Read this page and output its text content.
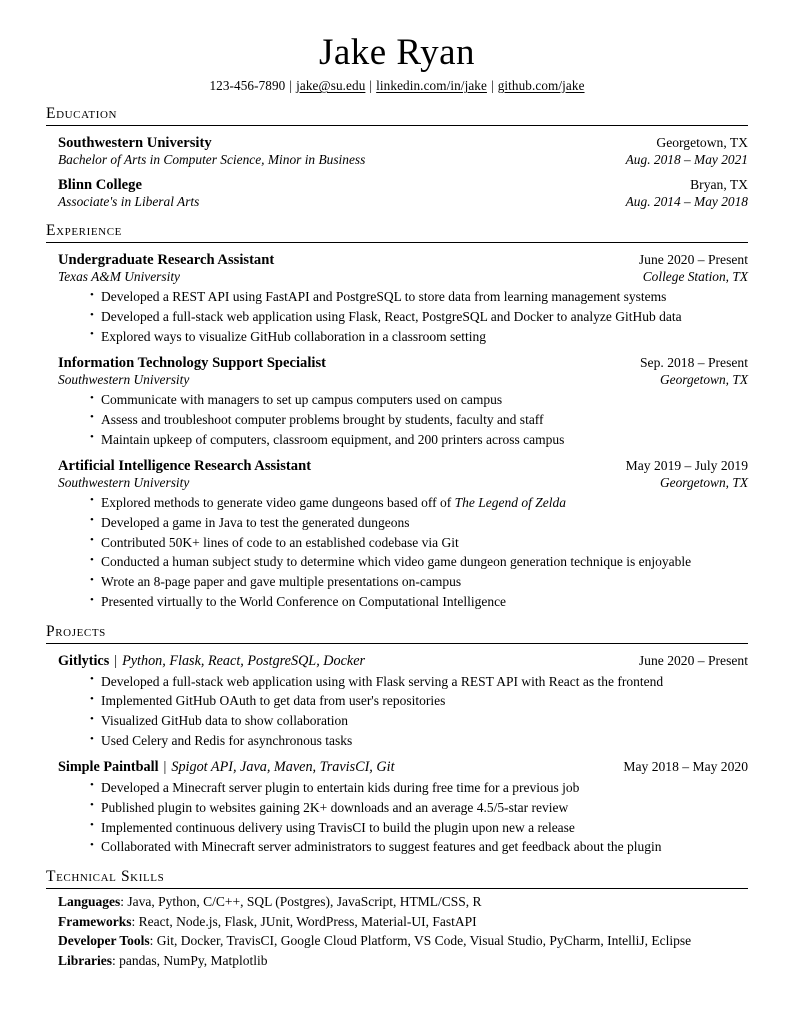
Jake Ryan
123-456-7890 | jake@su.edu | linkedin.com/in/jake | github.com/jake
Education
Southwestern University	Georgetown, TX
Bachelor of Arts in Computer Science, Minor in Business	Aug. 2018 – May 2021
Blinn College	Bryan, TX
Associate's in Liberal Arts	Aug. 2014 – May 2018
Experience
Undergraduate Research Assistant	June 2020 – Present
Texas A&M University	College Station, TX
• Developed a REST API using FastAPI and PostgreSQL to store data from learning management systems
• Developed a full-stack web application using Flask, React, PostgreSQL and Docker to analyze GitHub data
• Explored ways to visualize GitHub collaboration in a classroom setting
Information Technology Support Specialist	Sep. 2018 – Present
Southwestern University	Georgetown, TX
• Communicate with managers to set up campus computers used on campus
• Assess and troubleshoot computer problems brought by students, faculty and staff
• Maintain upkeep of computers, classroom equipment, and 200 printers across campus
Artificial Intelligence Research Assistant	May 2019 – July 2019
Southwestern University	Georgetown, TX
• Explored methods to generate video game dungeons based off of The Legend of Zelda
• Developed a game in Java to test the generated dungeons
• Contributed 50K+ lines of code to an established codebase via Git
• Conducted a human subject study to determine which video game dungeon generation technique is enjoyable
• Wrote an 8-page paper and gave multiple presentations on-campus
• Presented virtually to the World Conference on Computational Intelligence
Projects
Gitlytics | Python, Flask, React, PostgreSQL, Docker	June 2020 – Present
• Developed a full-stack web application using with Flask serving a REST API with React as the frontend
• Implemented GitHub OAuth to get data from user's repositories
• Visualized GitHub data to show collaboration
• Used Celery and Redis for asynchronous tasks
Simple Paintball | Spigot API, Java, Maven, TravisCI, Git	May 2018 – May 2020
• Developed a Minecraft server plugin to entertain kids during free time for a previous job
• Published plugin to websites gaining 2K+ downloads and an average 4.5/5-star review
• Implemented continuous delivery using TravisCI to build the plugin upon new a release
• Collaborated with Minecraft server administrators to suggest features and get feedback about the plugin
Technical Skills
Languages: Java, Python, C/C++, SQL (Postgres), JavaScript, HTML/CSS, R
Frameworks: React, Node.js, Flask, JUnit, WordPress, Material-UI, FastAPI
Developer Tools: Git, Docker, TravisCI, Google Cloud Platform, VS Code, Visual Studio, PyCharm, IntelliJ, Eclipse
Libraries: pandas, NumPy, Matplotlib
